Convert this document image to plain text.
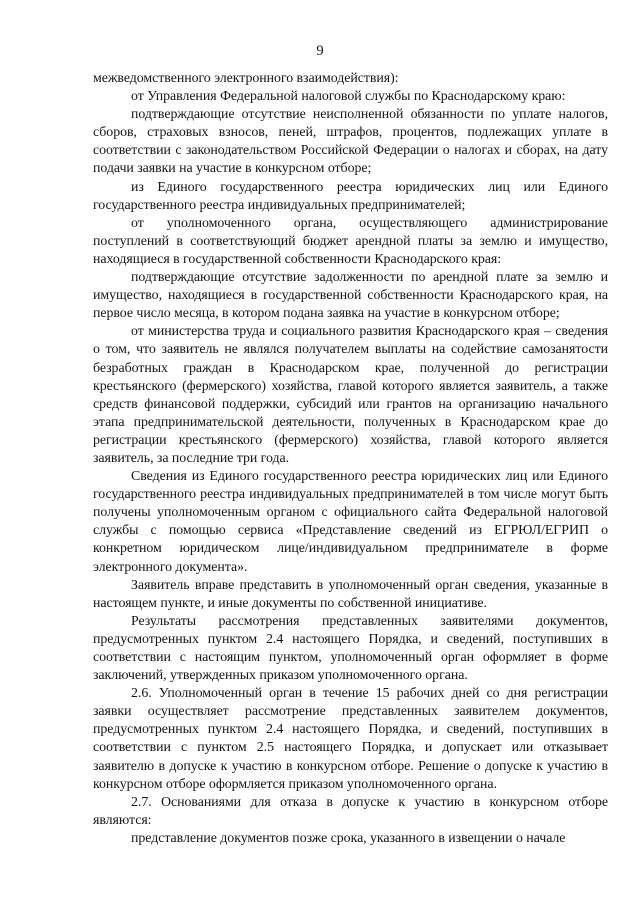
9

межведомственного электронного взаимодействия):

от Управления Федеральной налоговой службы по Краснодарскому краю:

подтверждающие отсутствие неисполненной обязанности по уплате налогов, сборов, страховых взносов, пеней, штрафов, процентов, подлежащих уплате в соответствии с законодательством Российской Федерации о налогах и сборах, на дату подачи заявки на участие в конкурсном отборе;

из Единого государственного реестра юридических лиц или Единого государственного реестра индивидуальных предпринимателей;

от уполномоченного органа, осуществляющего администрирование поступлений в соответствующий бюджет арендной платы за землю и имущество, находящиеся в государственной собственности Краснодарского края:

подтверждающие отсутствие задолженности по арендной плате за землю и имущество, находящиеся в государственной собственности Краснодарского края, на первое число месяца, в котором подана заявка на участие в конкурсном отборе;

от министерства труда и социального развития Краснодарского края – сведения о том, что заявитель не являлся получателем выплаты на содействие самозанятости безработных граждан в Краснодарском крае, полученной до регистрации крестьянского (фермерского) хозяйства, главой которого является заявитель, а также средств финансовой поддержки, субсидий или грантов на организацию начального этапа предпринимательской деятельности, полученных в Краснодарском крае до регистрации крестьянского (фермерского) хозяйства, главой которого является заявитель, за последние три года.

Сведения из Единого государственного реестра юридических лиц или Единого государственного реестра индивидуальных предпринимателей в том числе могут быть получены уполномоченным органом с официального сайта Федеральной налоговой службы с помощью сервиса «Представление сведений из ЕГРЮЛ/ЕГРИП о конкретном юридическом лице/индивидуальном предпринимателе в форме электронного документа».

Заявитель вправе представить в уполномоченный орган сведения, указанные в настоящем пункте, и иные документы по собственной инициативе.

Результаты рассмотрения представленных заявителями документов, предусмотренных пунктом 2.4 настоящего Порядка, и сведений, поступивших в соответствии с настоящим пунктом, уполномоченный орган оформляет в форме заключений, утвержденных приказом уполномоченного органа.

2.6. Уполномоченный орган в течение 15 рабочих дней со дня регистрации заявки осуществляет рассмотрение представленных заявителем документов, предусмотренных пунктом 2.4 настоящего Порядка, и сведений, поступивших в соответствии с пунктом 2.5 настоящего Порядка, и допускает или отказывает заявителю в допуске к участию в конкурсном отборе. Решение о допуске к участию в конкурсном отборе оформляется приказом уполномоченного органа.

2.7. Основаниями для отказа в допуске к участию в конкурсном отборе являются:

представление документов позже срока, указанного в извещении о начале
